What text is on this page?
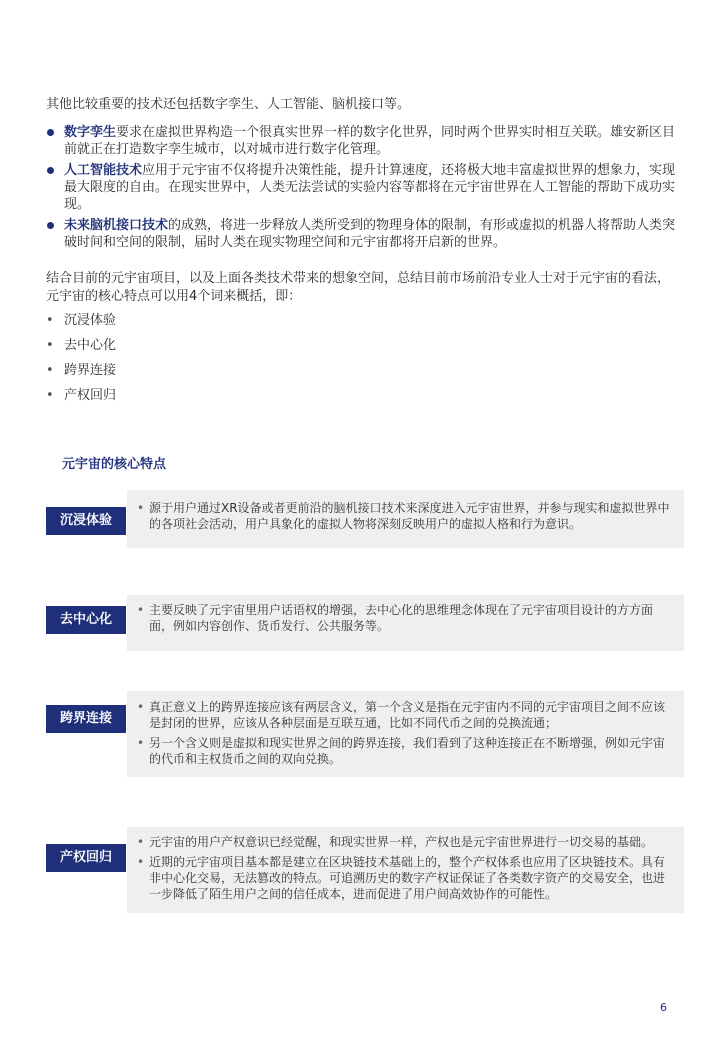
其他比较重要的技术还包括数字孪生、人工智能、脑机接口等。
数字孪生要求在虚拟世界构造一个很真实世界一样的数字化世界，同时两个世界实时相互关联。雄安新区目前就正在打造数字孪生城市，以对城市进行数字化管理。
人工智能技术应用于元宇宙不仅将提升决策性能，提升计算速度，还将极大地丰富虚拟世界的想象力，实现最大限度的自由。在现实世界中，人类无法尝试的实验内容等都将在元宇宙世界在人工智能的帮助下成功实现。
未来脑机接口技术的成熟，将进一步释放人类所受到的物理身体的限制，有形或虚拟的机器人将帮助人类突破时间和空间的限制，届时人类在现实物理空间和元宇宙都将开启新的世界。
结合目前的元宇宙项目，以及上面各类技术带来的想象空间，总结目前市场前沿专业人士对于元宇宙的看法，元宇宙的核心特点可以用4个词来概括，即：
• 沉浸体验
• 去中心化
• 跨界连接
• 产权回归
元宇宙的核心特点
• 源于用户通过XR设备或者更前沿的脑机接口技术来深度进入元宇宙世界，并参与现实和虚拟世界中的各项社会活动，用户具象化的虚拟人物将深刻反映用户的虚拟人格和行为意识。
沉浸体验
• 主要反映了元宇宙里用户话语权的增强，去中心化的思维理念体现在了元宇宙项目设计的方方面面，例如内容创作、货币发行、公共服务等。
去中心化
• 真正意义上的跨界连接应该有两层含义，第一个含义是指在元宇宙内不同的元宇宙项目之间不应该是封闭的世界，应该从各种层面是互联互通，比如不同代币之间的兑换流通；
• 另一个含义则是虚拟和现实世界之间的跨界连接，我们看到了这种连接正在不断增强，例如元宇宙的代币和主权货币之间的双向兑换。
跨界连接
• 元宇宙的用户产权意识已经觉醒，和现实世界一样，产权也是元宇宙世界进行一切交易的基础。
• 近期的元宇宙项目基本都是建立在区块链技术基础上的，整个产权体系也应用了区块链技术。具有非中心化交易，无法篡改的特点。可追溯历史的数字产权证保证了各类数字资产的交易安全，也进一步降低了陌生用户之间的信任成本，进而促进了用户间高效协作的可能性。
产权回归
6
